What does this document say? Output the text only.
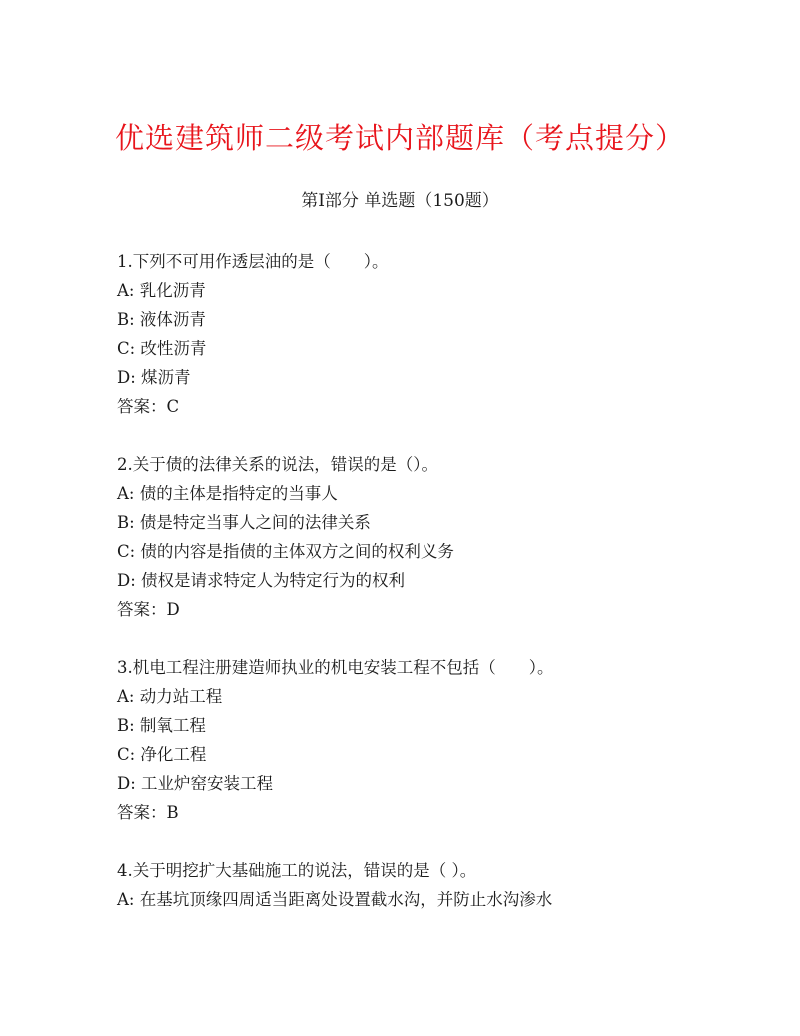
优选建筑师二级考试内部题库（考点提分）
第Ⅰ部分 单选题（150题）
1.下列不可用作透层油的是（　　）。
A: 乳化沥青
B: 液体沥青
C: 改性沥青
D: 煤沥青
答案：C
2.关于债的法律关系的说法，错误的是（）。
A: 债的主体是指特定的当事人
B: 债是特定当事人之间的法律关系
C: 债的内容是指债的主体双方之间的权利义务
D: 债权是请求特定人为特定行为的权利
答案：D
3.机电工程注册建造师执业的机电安装工程不包括（　　）。
A: 动力站工程
B: 制氧工程
C: 净化工程
D: 工业炉窑安装工程
答案：B
4.关于明挖扩大基础施工的说法，错误的是（ ）。
A: 在基坑顶缘四周适当距离处设置截水沟，并防止水沟渗水
